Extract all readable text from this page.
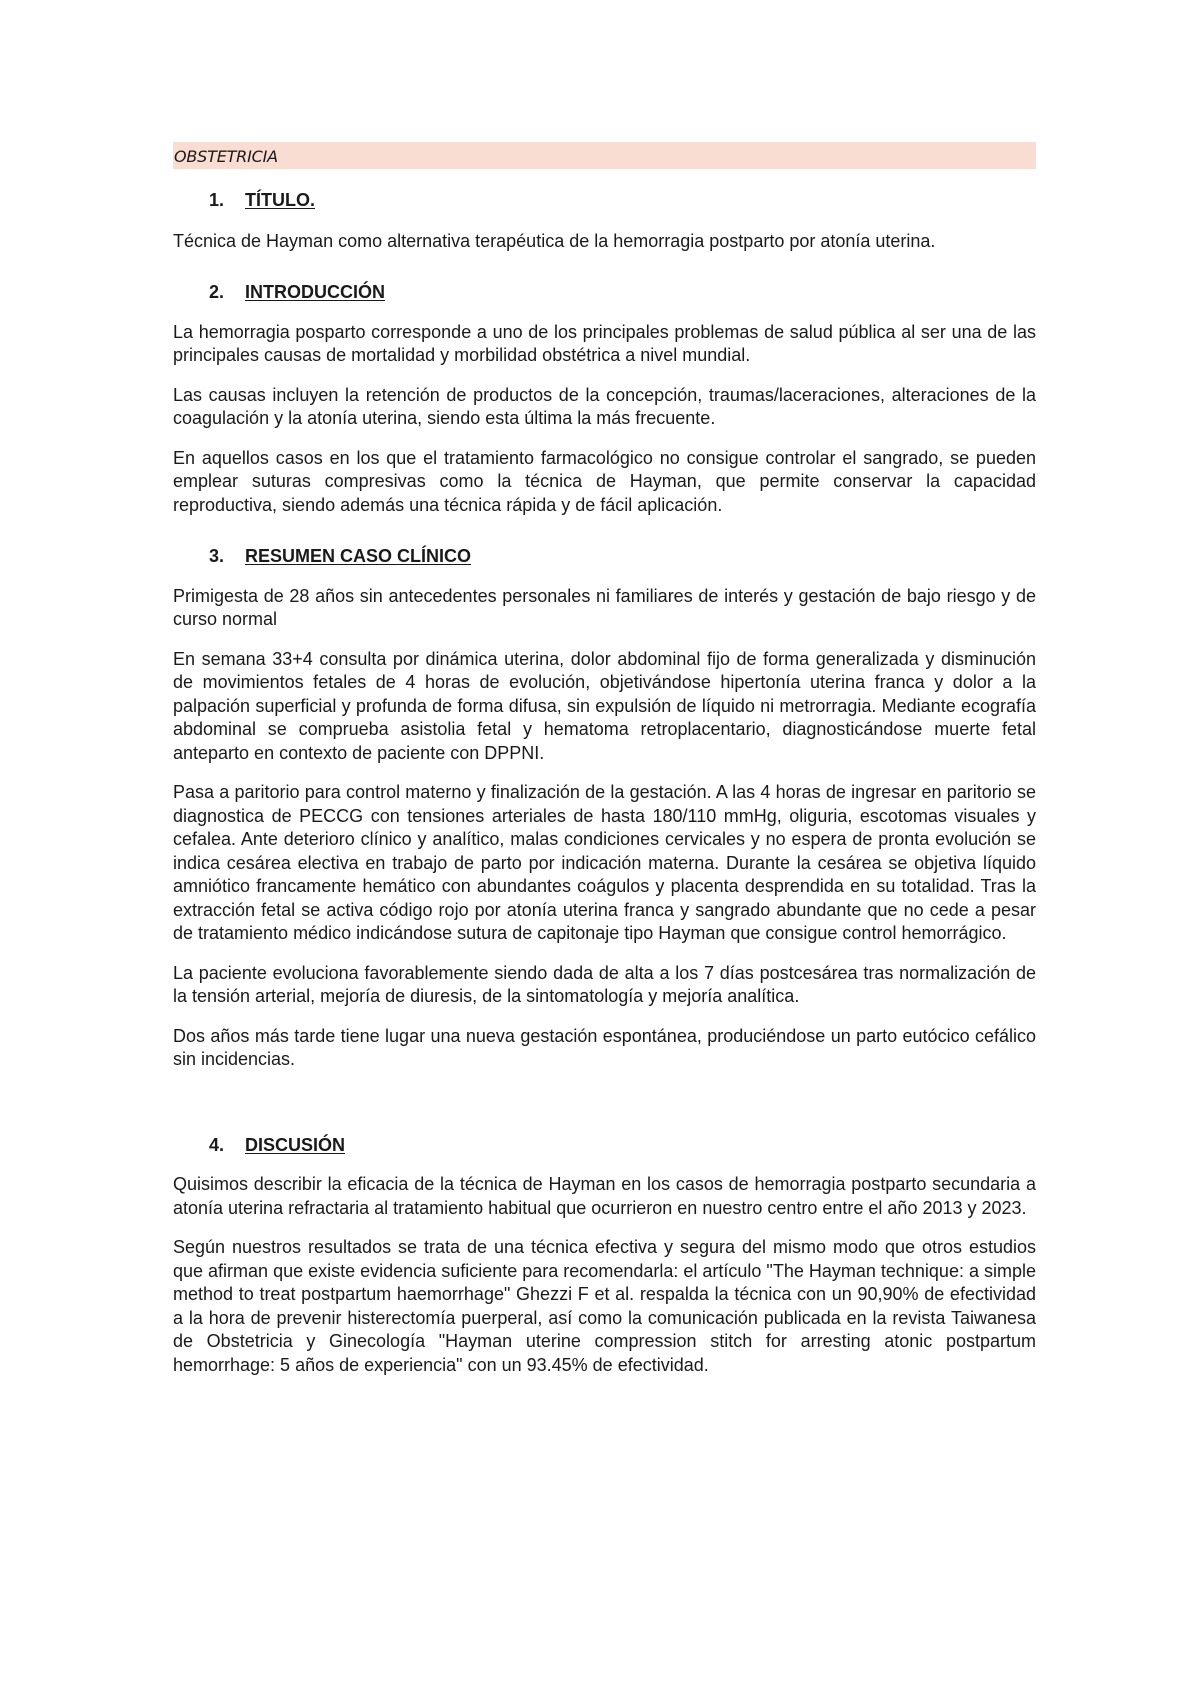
OBSTETRICIA
1.	TÍTULO.

Técnica de Hayman como alternativa terapéutica de la hemorragia postparto por atonía uterina.

2.	INTRODUCCIÓN

La hemorragia posparto corresponde a uno de los principales problemas de salud pública al ser una de las principales causas de mortalidad y morbilidad obstétrica a nivel mundial.

Las causas incluyen la retención de productos de la concepción, traumas/laceraciones, alteraciones de la coagulación y la atonía uterina, siendo esta última la más frecuente.

En aquellos casos en los que el tratamiento farmacológico no consigue controlar el sangrado, se pueden emplear suturas compresivas como la técnica de Hayman, que permite conservar la capacidad reproductiva, siendo además una técnica rápida y de fácil aplicación.

3.	RESUMEN CASO CLÍNICO

Primigesta de 28 años sin antecedentes personales ni familiares de interés y gestación de bajo riesgo y de curso normal

En semana 33+4 consulta por dinámica uterina, dolor abdominal fijo de forma generalizada y disminución de movimientos fetales de 4 horas de evolución, objetivándose hipertonía uterina franca y dolor a la palpación superficial y profunda de forma difusa, sin expulsión de líquido ni metrorragia. Mediante ecografía abdominal se comprueba asistolia fetal y hematoma retroplacentario, diagnosticándose muerte fetal anteparto en contexto de paciente con DPPNI.

Pasa a paritorio para control materno y finalización de la gestación. A las 4 horas de ingresar en paritorio se diagnostica de PECCG con tensiones arteriales de hasta 180/110 mmHg, oliguria, escotomas visuales y cefalea. Ante deterioro clínico y analítico, malas condiciones cervicales y no espera de pronta evolución se indica cesárea electiva en trabajo de parto por indicación materna. Durante la cesárea se objetiva líquido amniótico francamente hemático con abundantes coágulos y placenta desprendida en su totalidad. Tras la extracción fetal se activa código rojo por atonía uterina franca y sangrado abundante que no cede a pesar de tratamiento médico indicándose sutura de capitonaje tipo Hayman que consigue control hemorrágico.

La paciente evoluciona favorablemente siendo dada de alta a los 7 días postcesárea tras normalización de la tensión arterial, mejoría de diuresis, de la sintomatología y mejoría analítica.

Dos años más tarde tiene lugar una nueva gestación espontánea, produciéndose un parto eutócico cefálico sin incidencias.

4.	DISCUSIÓN

Quisimos describir la eficacia de la técnica de Hayman en los casos de hemorragia postparto secundaria a atonía uterina refractaria al tratamiento habitual que ocurrieron en nuestro centro entre el año 2013 y 2023.

Según nuestros resultados se trata de una técnica efectiva y segura del mismo modo que otros estudios que afirman que existe evidencia suficiente para recomendarla: el artículo "The Hayman technique: a simple method to treat postpartum haemorrhage" Ghezzi F et al. respalda la técnica con un 90,90% de efectividad a la hora de prevenir histerectomía puerperal, así como la comunicación publicada en la revista Taiwanesa de Obstetricia y Ginecología "Hayman uterine compression stitch for arresting atonic postpartum hemorrhage: 5 años de experiencia" con un 93.45% de efectividad.
